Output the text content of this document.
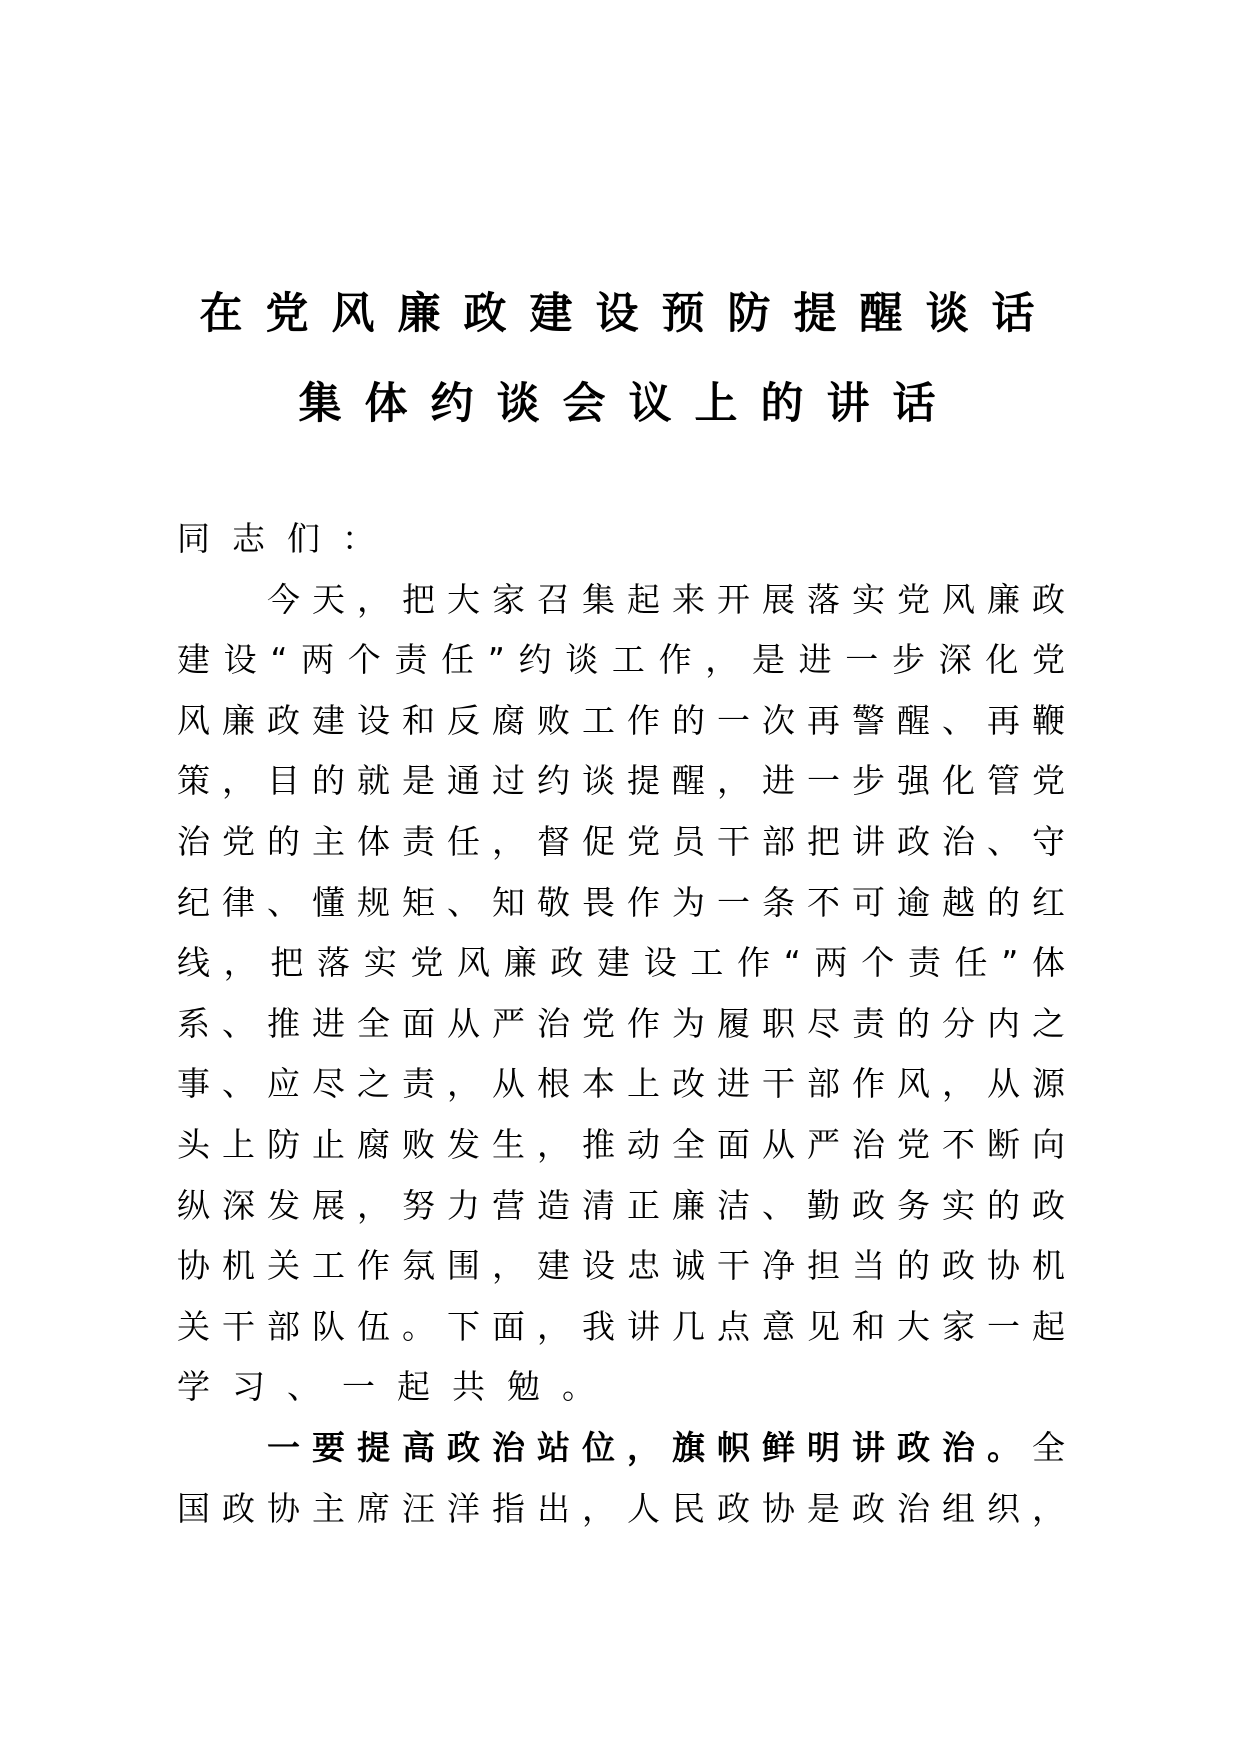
在党风廉政建设预防提醒谈话
集体约谈会议上的讲话
同志们：
　　今天，把大家召集起来开展落实党风廉政
建设“两个责任”约谈工作，是进一步深化党
风廉政建设和反腐败工作的一次再警醒、再鞭
策，目的就是通过约谈提醒，进一步强化管党
治党的主体责任，督促党员干部把讲政治、守
纪律、懂规矩、知敬畏作为一条不可逾越的红
线，把落实党风廉政建设工作“两个责任”体
系、推进全面从严治党作为履职尽责的分内之
事、应尽之责，从根本上改进干部作风，从源
头上防止腐败发生，推动全面从严治党不断向
纵深发展，努力营造清正廉洁、勤政务实的政
协机关工作氛围，建设忠诚干净担当的政协机
关干部队伍。下面，我讲几点意见和大家一起
学习、一起共勉。
　　一要提高政治站位，旗帜鲜明讲政治。全
国政协主席汪洋指出，人民政协是政治组织，
